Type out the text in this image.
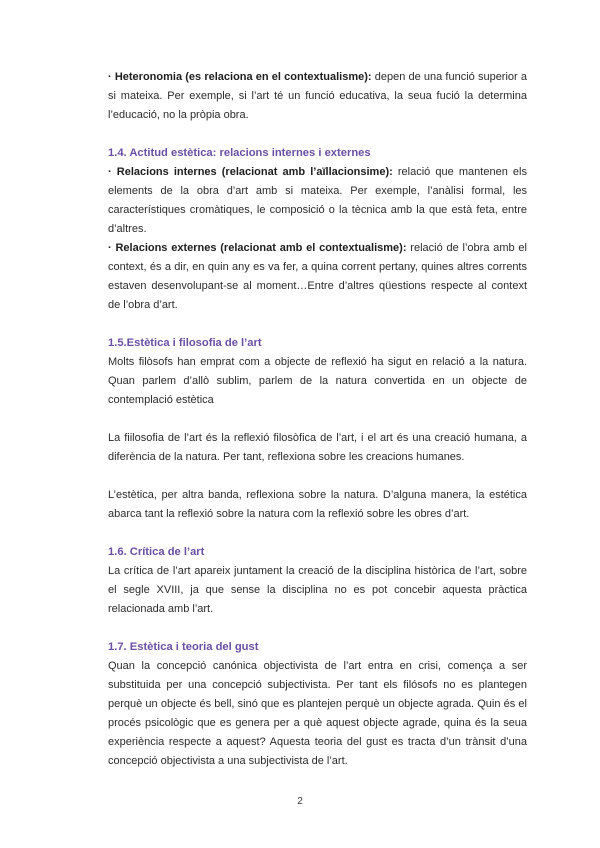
· Heteronomia (es relaciona en el contextualisme): depen de una funció superior a si mateixa. Per exemple, si l’art té un funció educativa, la seua fució la determina l’educació, no la pròpia obra.

1.4. Actitud estètica: relacions internes i externes

· Relacions internes (relacionat amb l’aïllacionsime): relació que mantenen els elements de la obra d’art amb si mateixa. Per exemple, l’anàlisi formal, les característiques cromàtiques, le composició o la tècnica amb la que està feta, entre d’altres.

· Relacions externes (relacionat amb el contextualisme): relació de l’obra amb el context, és a dir, en quin any es va fer, a quina corrent pertany, quines altres corrents estaven desenvolupant-se al moment…Entre d’altres qüestions respecte al context de l’obra d’art.

1.5.Estètica i filosofia de l’art

Molts filòsofs han emprat com a objecte de reflexió ha sigut en relació a la natura. Quan parlem d’allò sublim, parlem de la natura convertida en un objecte de contemplació estètica

La fiilosofia de l’art és la reflexió filosòfica de l’art, i el art és una creació humana, a diferència de la natura. Per tant, reflexiona sobre les creacions humanes.

L’estètica, per altra banda, reflexiona sobre la natura. D’alguna manera, la estética abarca tant la reflexió sobre la natura com la reflexió sobre les obres d’art.

1.6. Crítica de l’art

La crítica de l’art apareix juntament la creació de la disciplina històrica de l’art, sobre el segle XVIII, ja que sense la disciplina no es pot concebir aquesta pràctica relacionada amb l’art.

1.7. Estètica i teoria del gust

Quan la concepció canónica objectivista de l’art entra en crisi, comença a ser substituida per una concepció subjectivista. Per tant els filósofs no es plantegen perquè un objecte és bell, sinó que es plantejen perquè un objecte agrada. Quin és el procés psicològic que es genera per a què aquest objecte agrade, quina és la seua experiència respecte a aquest? Aquesta teoria del gust es tracta d’un trànsit d’una concepció objectivista a una subjectivista de l’art.

2
